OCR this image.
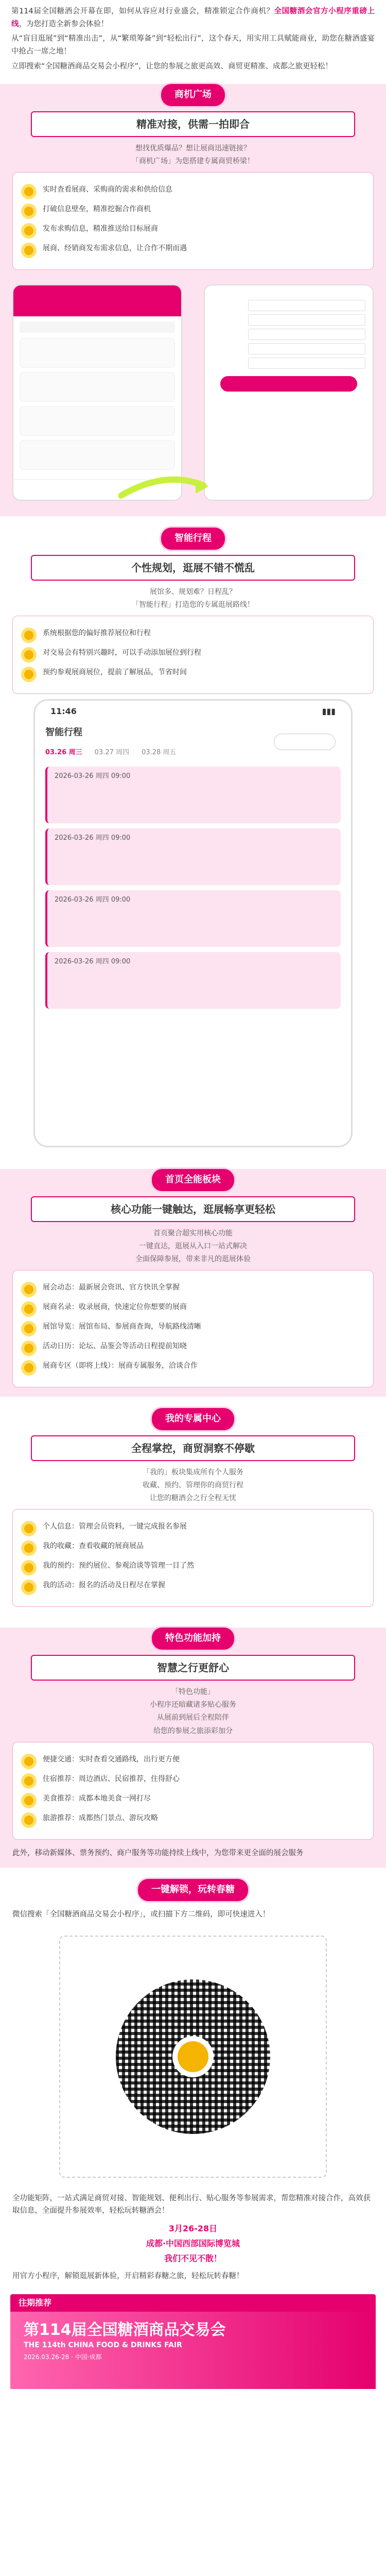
第114届全国糖酒会开幕在即，如何从容应对行业盛会，精准锁定合作商机？全国糖酒会官方小程序重磅上线，为您打造全新参会体验！

从“盲目逛展”到“精准出击”，从“繁琐筹备”到“轻松出行”，这个春天，用实用工具赋能商业，助您在糖酒盛宴中抢占一席之地！

立即搜索“全国糖酒商品交易会小程序”，让您的参展之旅更高效、商贸更精准、成都之旅更轻松！

商机广场
精准对接，供需一拍即合
想找优质爆品？想让展商迅速链接？
「商机广场」为您搭建专属商贸桥梁！
实时查看展商、采购商的需求和供给信息
打破信息壁垒，精准挖掘合作商机
发布求购信息，精准推送给目标展商
展商、经销商发布需求信息，让合作不期而遇
智能行程
个性规划，逛展不错不慌乱
展馆多、规划难？日程乱？
「智能行程」打造您的专属逛展路线！
系统根据您的偏好推荐展位和行程
对交易会有特别兴趣时，可以手动添加展位到行程
预约参观展商展位，提前了解展品，节省时间
11:46	▮▮▮
智能行程
03.26 周三 03.27 周四 03.28 周五
2026-03-26 周四 09:00
2026-03-26 周四 09:00
2026-03-26 周四 09:00
2026-03-26 周四 09:00
首页全能板块
核心功能一键触达，逛展畅享更轻松
首页聚合超实用核心功能
一键直达，逛展从入口一站式解决
全面保障参展，带来非凡的逛展体验
展会动态：最新展会资讯、官方快讯全掌握
展商名录：收录展商，快速定位你想要的展商
展馆导览：展馆布局、参展商查询，导航路线清晰
活动日历：论坛、品鉴会等活动日程提前知晓
展商专区（即将上线）：展商专属服务，洽谈合作
我的专属中心
全程掌控，商贸洞察不停歇
「我的」板块集成所有个人服务
收藏、预约、管理你的商贸行程
让您的糖酒会之行全程无忧
个人信息：管理会员资料，一键完成报名参展
我的收藏：查看收藏的展商展品
我的预约：预约展位、参观洽谈等管理一目了然
我的活动：报名的活动及日程尽在掌握
特色功能加持
智慧之行更舒心
「特色功能」
小程序还暗藏诸多贴心服务
从展前到展后全程陪伴
给您的参展之旅添彩加分
便捷交通：实时查看交通路线，出行更方便
住宿推荐：周边酒店、民宿推荐，住得舒心
美食推荐：成都本地美食一网打尽
旅游推荐：成都热门景点、游玩攻略

此外，移动新媒体、票务预约、商户服务等功能持续上线中，为您带来更全面的展会服务

一键解锁，玩转春糖

微信搜索「全国糖酒商品交易会小程序」，或扫描下方二维码，即可快速进入！

全功能矩阵，一站式满足商贸对接、智能规划、便利出行、贴心服务等参展需求，帮您精准对接合作，高效获取信息，全面提升参展效率，轻松玩转糖酒会！

3月26-28日
成都·中国西部国际博览城
我们不见不散！

用官方小程序，解锁逛展新体验，开启精彩春糖之旅，轻松玩转春糖！

往期推荐
第114届全国糖酒商品交易会
THE 114th CHINA FOOD & DRINKS FAIR
2026.03.26-28 · 中国·成都
